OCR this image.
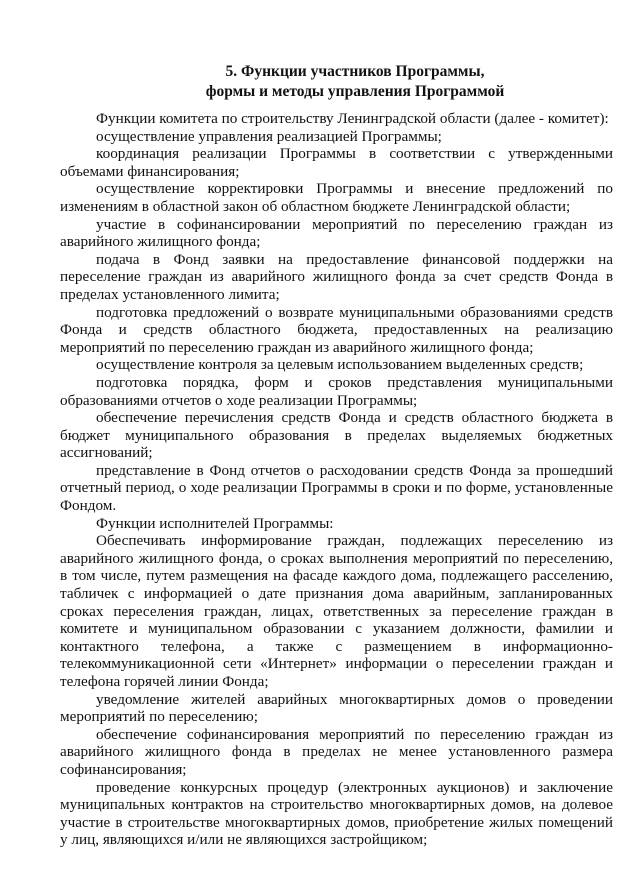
5. Функции участников Программы,
формы и методы управления Программой

Функции комитета по строительству Ленинградской области (далее - комитет):

осуществление управления реализацией Программы;

координация реализации Программы в соответствии с утвержденными объемами финансирования;

осуществление корректировки Программы и внесение предложений по изменениям в областной закон об областном бюджете Ленинградской области;

участие в софинансировании мероприятий по переселению граждан из аварийного жилищного фонда;

подача в Фонд заявки на предоставление финансовой поддержки на переселение граждан из аварийного жилищного фонда за счет средств Фонда в пределах установленного лимита;

подготовка предложений о возврате муниципальными образованиями средств Фонда и средств областного бюджета, предоставленных на реализацию мероприятий по переселению граждан из аварийного жилищного фонда;

осуществление контроля за целевым использованием выделенных средств;

подготовка порядка, форм и сроков представления муниципальными образованиями отчетов о ходе реализации Программы;

обеспечение перечисления средств Фонда и средств областного бюджета в бюджет муниципального образования в пределах выделяемых бюджетных ассигнований;

представление в Фонд отчетов о расходовании средств Фонда за прошедший отчетный период, о ходе реализации Программы в сроки и по форме, установленные Фондом.

Функции исполнителей Программы:

Обеспечивать информирование граждан, подлежащих переселению из аварийного жилищного фонда, о сроках выполнения мероприятий по переселению, в том числе, путем размещения на фасаде каждого дома, подлежащего расселению, табличек с информацией о дате признания дома аварийным, запланированных сроках переселения граждан, лицах, ответственных за переселение граждан в комитете и муниципальном образовании с указанием должности, фамилии и контактного телефона, а также с размещением в информационно-телекоммуникационной сети «Интернет» информации о переселении граждан и телефона горячей линии Фонда;

уведомление жителей аварийных многоквартирных домов о проведении мероприятий по переселению;

обеспечение софинансирования мероприятий по переселению граждан из аварийного жилищного фонда в пределах не менее установленного размера софинансирования;

проведение конкурсных процедур (электронных аукционов) и заключение муниципальных контрактов на строительство многоквартирных домов, на долевое участие в строительстве многоквартирных домов, приобретение жилых помещений у лиц, являющихся и/или не являющихся застройщиком;
